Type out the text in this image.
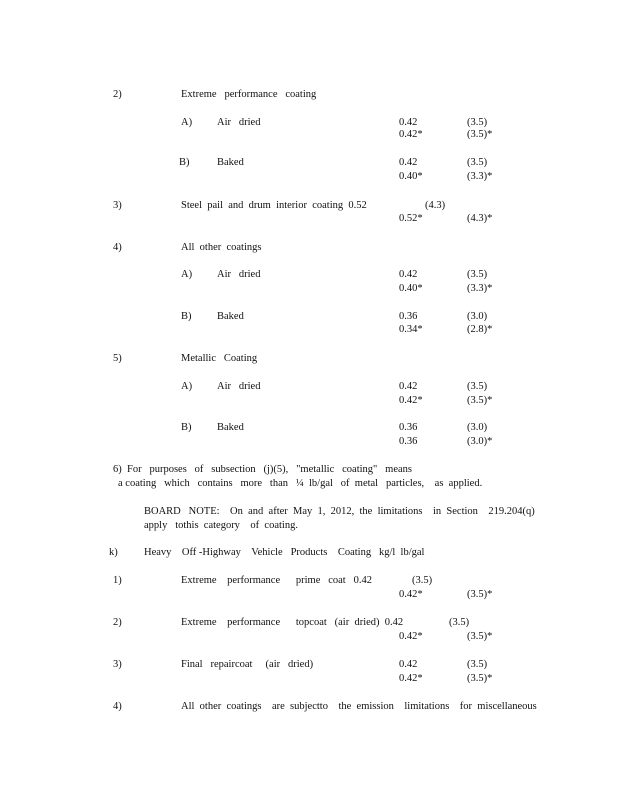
2)	Extreme   performance   coating
A) Air   dried	0.42	(3.5)
0.42*	(3.5)*
B)	Baked	0.42	(3.5)
0.40*	(3.3)*
3)	Steel  pail  and  drum  interior  coating  0.52	(4.3)
0.52*	(4.3)*
4)	All  other  coatings
A) Air   dried	0.42	(3.5)
0.40*	(3.3)*
B) Baked	0.36	(3.0)
0.34*	(2.8)*
5)	Metallic   Coating
A) Air   dried	0.42	(3.5)
0.42*	(3.5)*
B) Baked	0.36	(3.0)
0.36	(3.0)*
6)  For   purposes   of   subsection   (j)(5),   "metallic   coating"   means
a coating   which   contains   more   than   ¼  lb/gal   of  metal   particles,    as  applied.
BOARD   NOTE:    On  and  after  May  1,  2012,  the  limitations    in  Section    219.204(q)
apply   tothis  category    of  coating.
k)	Heavy    Off -Highway    Vehicle   Products    Coating   kg/l  lb/gal
1)	Extreme    performance      prime   coat   0.42	(3.5)
0.42*	(3.5)*
2)	Extreme    performance      topcoat   (air  dried)  0.42	(3.5)
0.42*	(3.5)*
3)	Final   repaircoat     (air   dried)	0.42	(3.5)
0.42*	(3.5)*
4)	All  other  coatings    are  subjectto    the  emission    limitations    for  miscellaneous
